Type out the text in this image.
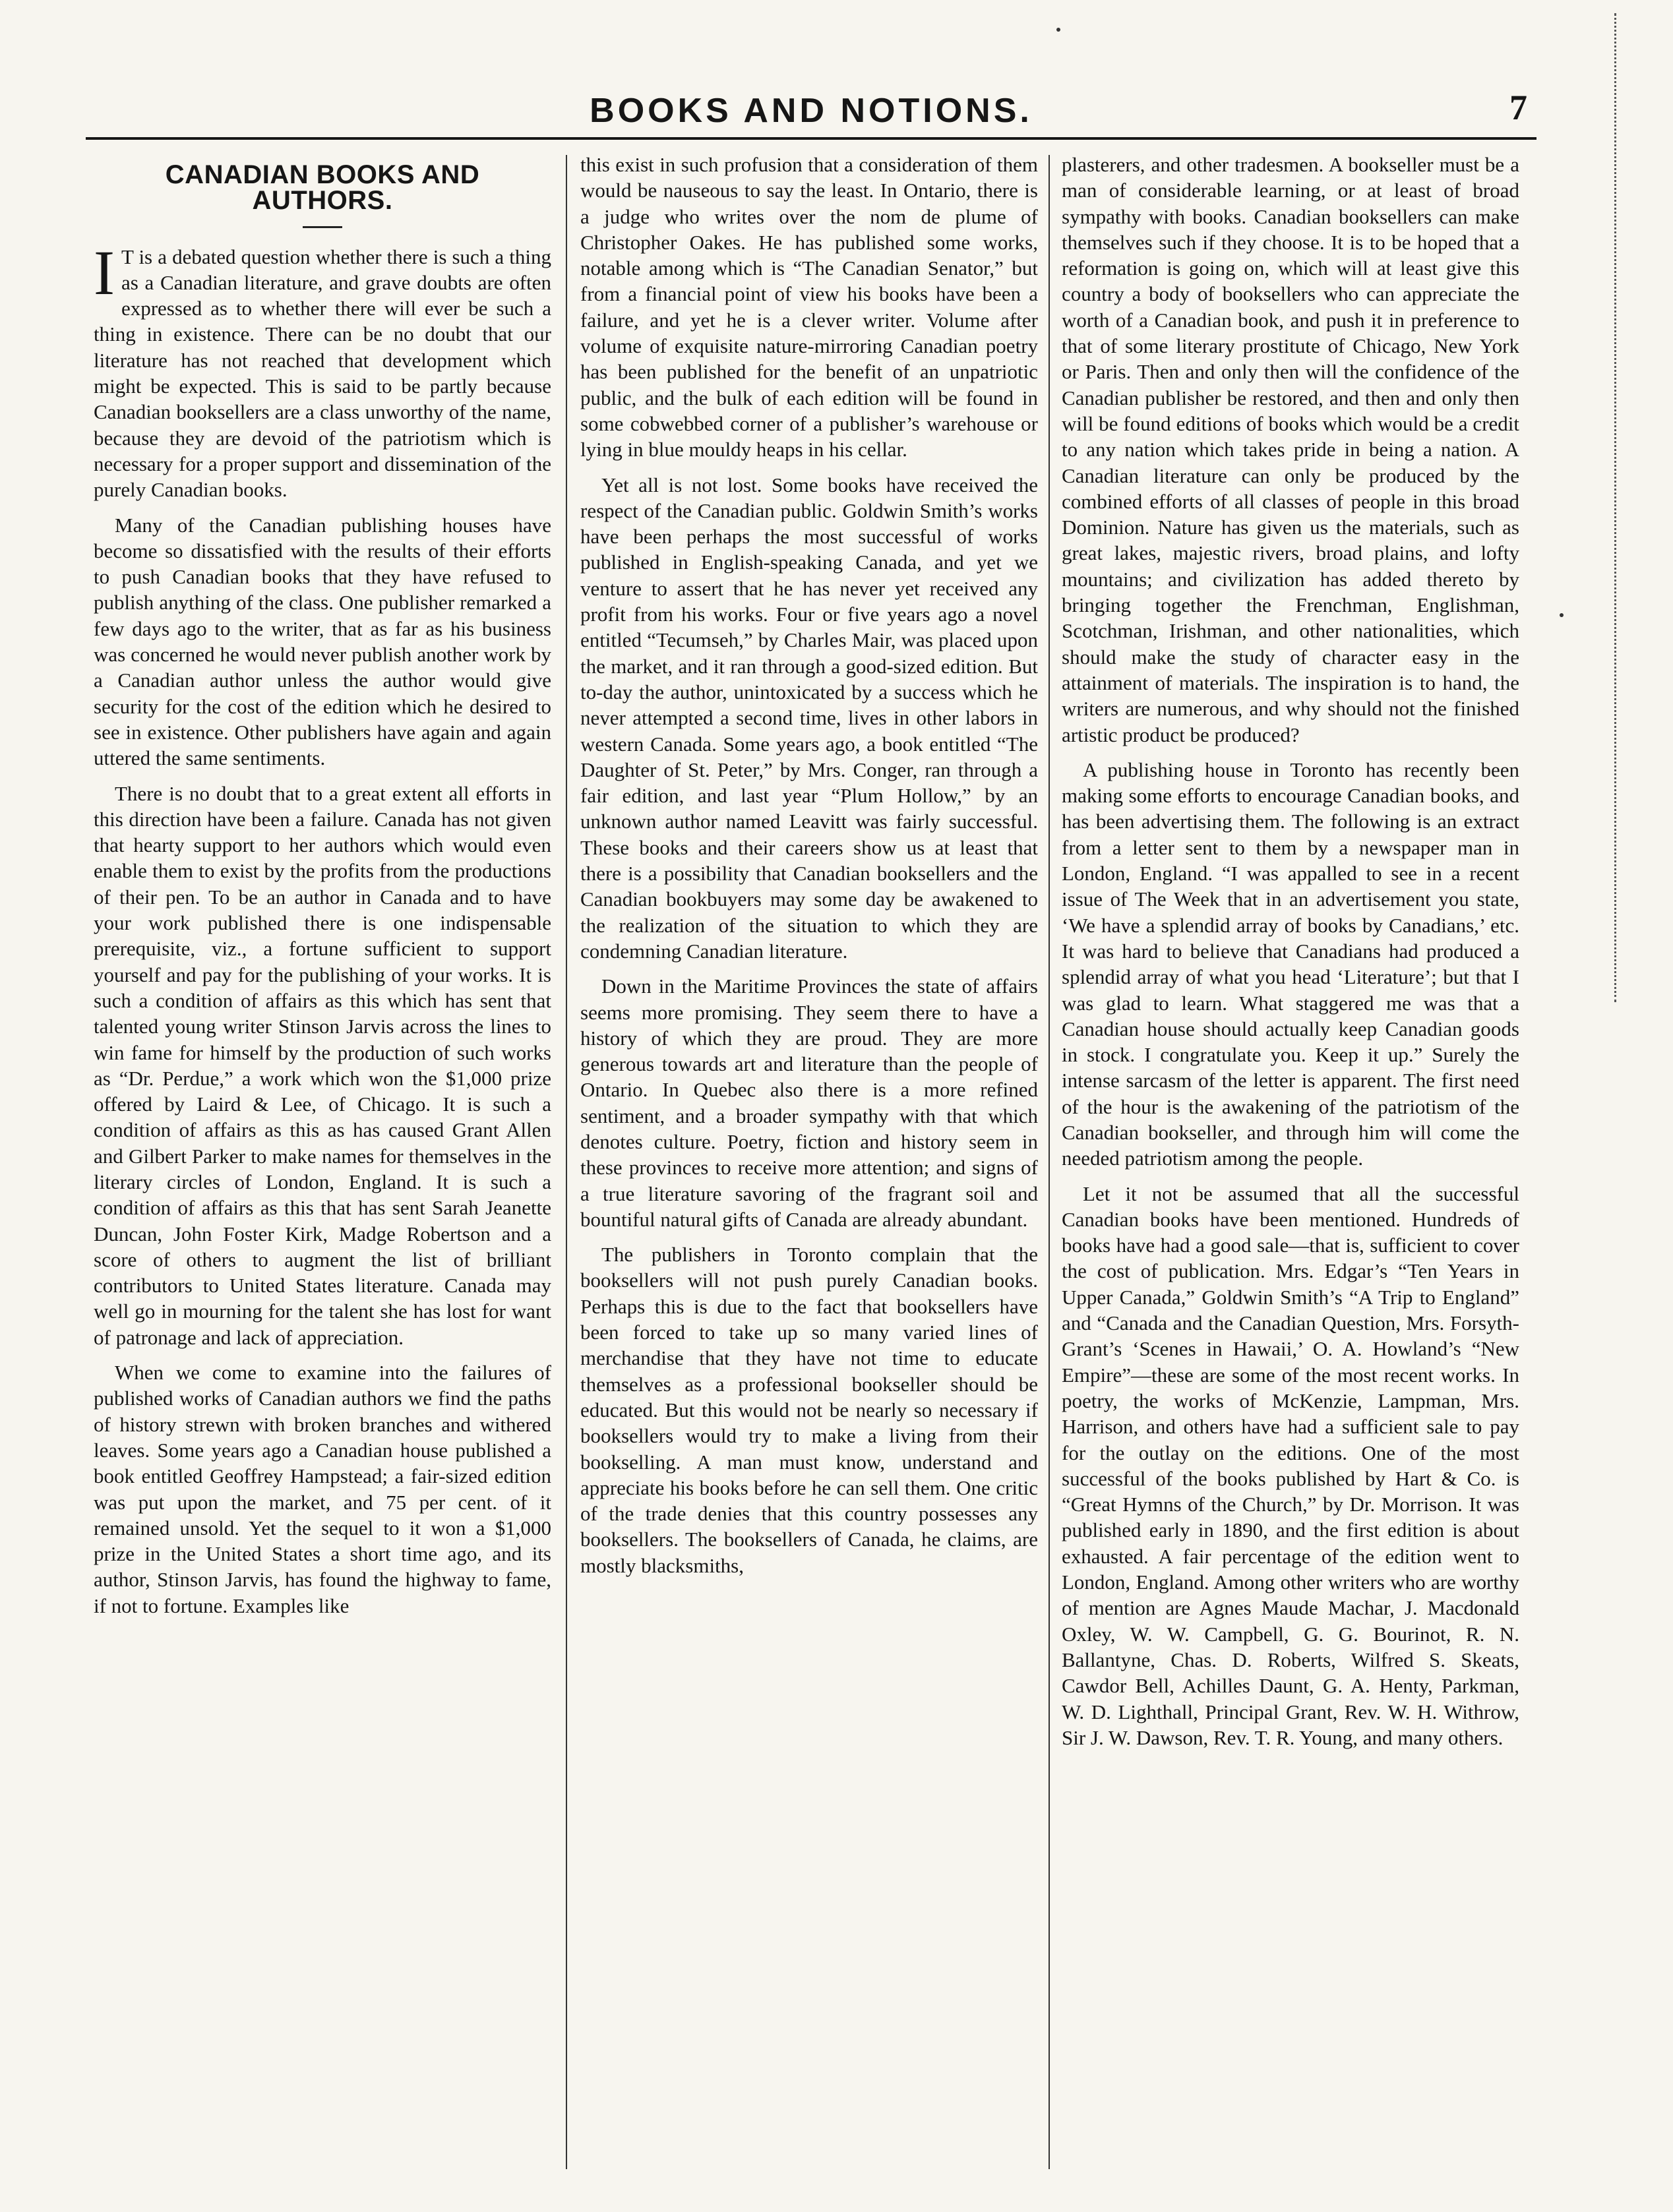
BOOKS AND NOTIONS.	7
CANADIAN BOOKS AND AUTHORS.

I T is a debated question whether there is such a thing as a Canadian literature, and grave doubts are often expressed as to whether there will ever be such a thing in existence. There can be no doubt that our literature has not reached that development which might be expected. This is said to be partly because Canadian booksellers are a class unworthy of the name, because they are devoid of the patriotism which is necessary for a proper support and dissemination of the purely Canadian books.

Many of the Canadian publishing houses have become so dissatisfied with the results of their efforts to push Canadian books that they have refused to publish anything of the class. One publisher remarked a few days ago to the writer, that as far as his business was concerned he would never publish another work by a Canadian author unless the author would give security for the cost of the edition which he desired to see in existence. Other publishers have again and again uttered the same sentiments.

There is no doubt that to a great extent all efforts in this direction have been a failure. Canada has not given that hearty support to her authors which would even enable them to exist by the profits from the productions of their pen. To be an author in Canada and to have your work published there is one indispensable prerequisite, viz., a fortune sufficient to support yourself and pay for the publishing of your works. It is such a condition of affairs as this which has sent that talented young writer Stinson Jarvis across the lines to win fame for himself by the production of such works as “Dr. Perdue,” a work which won the $1,000 prize offered by Laird & Lee, of Chicago. It is such a condition of affairs as this as has caused Grant Allen and Gilbert Parker to make names for themselves in the literary circles of London, England. It is such a condition of affairs as this that has sent Sarah Jeanette Duncan, John Foster Kirk, Madge Robertson and a score of others to augment the list of brilliant contributors to United States literature. Canada may well go in mourning for the talent she has lost for want of patronage and lack of appreciation.

When we come to examine into the failures of published works of Canadian authors we find the paths of history strewn with broken branches and withered leaves. Some years ago a Canadian house published a book entitled Geoffrey Hampstead; a fair-sized edition was put upon the market, and 75 per cent. of it remained unsold. Yet the sequel to it won a $1,000 prize in the United States a short time ago, and its author, Stinson Jarvis, has found the highway to fame, if not to fortune. Examples like

this exist in such profusion that a consideration of them would be nauseous to say the least. In Ontario, there is a judge who writes over the nom de plume of Christopher Oakes. He has published some works, notable among which is “The Canadian Senator,” but from a financial point of view his books have been a failure, and yet he is a clever writer. Volume after volume of exquisite nature-mirroring Canadian poetry has been published for the benefit of an unpatriotic public, and the bulk of each edition will be found in some cobwebbed corner of a publisher’s warehouse or lying in blue mouldy heaps in his cellar.

Yet all is not lost. Some books have received the respect of the Canadian public. Goldwin Smith’s works have been perhaps the most successful of works published in English-speaking Canada, and yet we venture to assert that he has never yet received any profit from his works. Four or five years ago a novel entitled “Tecumseh,” by Charles Mair, was placed upon the market, and it ran through a good-sized edition. But to-day the author, unintoxicated by a success which he never attempted a second time, lives in other labors in western Canada. Some years ago, a book entitled “The Daughter of St. Peter,” by Mrs. Conger, ran through a fair edition, and last year “Plum Hollow,” by an unknown author named Leavitt was fairly successful. These books and their careers show us at least that there is a possibility that Canadian booksellers and the Canadian bookbuyers may some day be awakened to the realization of the situation to which they are condemning Canadian literature.

Down in the Maritime Provinces the state of affairs seems more promising. They seem there to have a history of which they are proud. They are more generous towards art and literature than the people of Ontario. In Quebec also there is a more refined sentiment, and a broader sympathy with that which denotes culture. Poetry, fiction and history seem in these provinces to receive more attention; and signs of a true literature savoring of the fragrant soil and bountiful natural gifts of Canada are already abundant.

The publishers in Toronto complain that the booksellers will not push purely Canadian books. Perhaps this is due to the fact that booksellers have been forced to take up so many varied lines of merchandise that they have not time to educate themselves as a professional bookseller should be educated. But this would not be nearly so necessary if booksellers would try to make a living from their bookselling. A man must know, understand and appreciate his books before he can sell them. One critic of the trade denies that this country possesses any booksellers. The booksellers of Canada, he claims, are mostly blacksmiths,

plasterers, and other tradesmen. A bookseller must be a man of considerable learning, or at least of broad sympathy with books. Canadian booksellers can make themselves such if they choose. It is to be hoped that a reformation is going on, which will at least give this country a body of booksellers who can appreciate the worth of a Canadian book, and push it in preference to that of some literary prostitute of Chicago, New York or Paris. Then and only then will the confidence of the Canadian publisher be restored, and then and only then will be found editions of books which would be a credit to any nation which takes pride in being a nation. A Canadian literature can only be produced by the combined efforts of all classes of people in this broad Dominion. Nature has given us the materials, such as great lakes, majestic rivers, broad plains, and lofty mountains; and civilization has added thereto by bringing together the Frenchman, Englishman, Scotchman, Irishman, and other nationalities, which should make the study of character easy in the attainment of materials. The inspiration is to hand, the writers are numerous, and why should not the finished artistic product be produced?

A publishing house in Toronto has recently been making some efforts to encourage Canadian books, and has been advertising them. The following is an extract from a letter sent to them by a newspaper man in London, England. “I was appalled to see in a recent issue of The Week that in an advertisement you state, ‘We have a splendid array of books by Canadians,’ etc. It was hard to believe that Canadians had produced a splendid array of what you head ‘Literature’; but that I was glad to learn. What staggered me was that a Canadian house should actually keep Canadian goods in stock. I congratulate you. Keep it up.” Surely the intense sarcasm of the letter is apparent. The first need of the hour is the awakening of the patriotism of the Canadian bookseller, and through him will come the needed patriotism among the people.

Let it not be assumed that all the successful Canadian books have been mentioned. Hundreds of books have had a good sale—that is, sufficient to cover the cost of publication. Mrs. Edgar’s “Ten Years in Upper Canada,” Goldwin Smith’s “A Trip to England” and “Canada and the Canadian Question, Mrs. Forsyth-Grant’s ‘Scenes in Hawaii,’ O. A. Howland’s “New Empire”—these are some of the most recent works. In poetry, the works of McKenzie, Lampman, Mrs. Harrison, and others have had a sufficient sale to pay for the outlay on the editions. One of the most successful of the books published by Hart & Co. is “Great Hymns of the Church,” by Dr. Morrison. It was published early in 1890, and the first edition is about exhausted. A fair percentage of the edition went to London, England. Among other writers who are worthy of mention are Agnes Maude Machar, J. Macdonald Oxley, W. W. Campbell, G. G. Bourinot, R. N. Ballantyne, Chas. D. Roberts, Wilfred S. Skeats, Cawdor Bell, Achilles Daunt, G. A. Henty, Parkman, W. D. Lighthall, Principal Grant, Rev. W. H. Withrow, Sir J. W. Dawson, Rev. T. R. Young, and many others.
